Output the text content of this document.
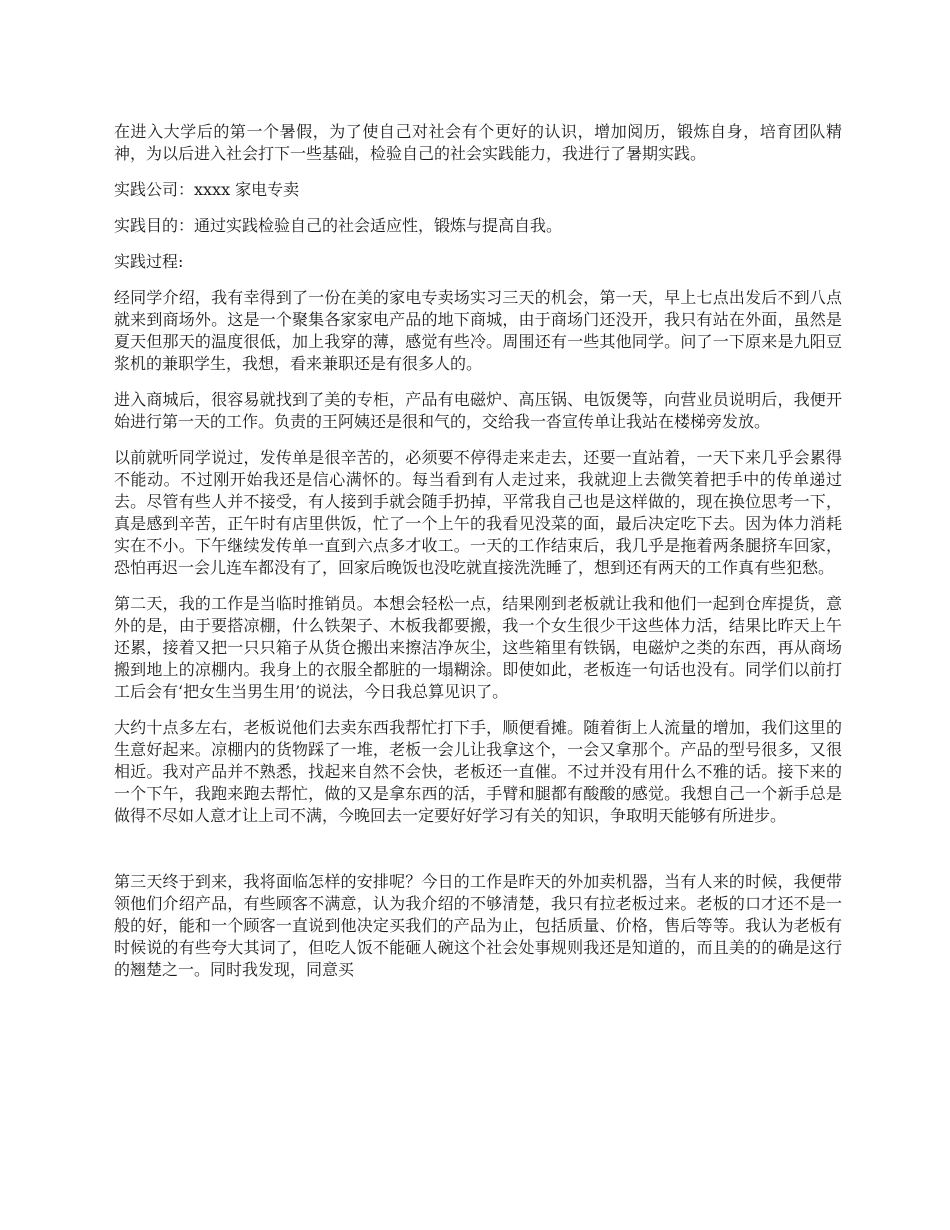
在进入大学后的第一个暑假，为了使自己对社会有个更好的认识，增加阅历，锻炼自身，培育团队精神，为以后进入社会打下一些基础，检验自己的社会实践能力，我进行了暑期实践。

实践公司：xxxx 家电专卖

实践目的：通过实践检验自己的社会适应性，锻炼与提高自我。

实践过程:

经同学介绍，我有幸得到了一份在美的家电专卖场实习三天的机会，第一天，早上七点出发后不到八点就来到商场外。这是一个聚集各家家电产品的地下商城，由于商场门还没开，我只有站在外面，虽然是夏天但那天的温度很低，加上我穿的薄，感觉有些冷。周围还有一些其他同学。问了一下原来是九阳豆浆机的兼职学生，我想，看来兼职还是有很多人的。

进入商城后，很容易就找到了美的专柜，产品有电磁炉、高压锅、电饭煲等，向营业员说明后，我便开始进行第一天的工作。负责的王阿姨还是很和气的，交给我一沓宣传单让我站在楼梯旁发放。

以前就听同学说过，发传单是很辛苦的，必须要不停得走来走去，还要一直站着，一天下来几乎会累得不能动。不过刚开始我还是信心满怀的。每当看到有人走过来，我就迎上去微笑着把手中的传单递过去。尽管有些人并不接受，有人接到手就会随手扔掉，平常我自己也是这样做的，现在换位思考一下，真是感到辛苦，正午时有店里供饭，忙了一个上午的我看见没菜的面，最后决定吃下去。因为体力消耗实在不小。下午继续发传单一直到六点多才收工。一天的工作结束后，我几乎是拖着两条腿挤车回家，恐怕再迟一会儿连车都没有了，回家后晚饭也没吃就直接洗洗睡了，想到还有两天的工作真有些犯愁。

第二天，我的工作是当临时推销员。本想会轻松一点，结果刚到老板就让我和他们一起到仓库提货，意外的是，由于要搭凉棚，什么铁架子、木板我都要搬，我一个女生很少干这些体力活，结果比昨天上午还累，接着又把一只只箱子从货仓搬出来擦洁净灰尘，这些箱里有铁锅，电磁炉之类的东西，再从商场搬到地上的凉棚内。我身上的衣服全都脏的一塌糊涂。即使如此，老板连一句话也没有。同学们以前打工后会有‘把女生当男生用’的说法，今日我总算见识了。

大约十点多左右，老板说他们去卖东西我帮忙打下手，顺便看摊。随着街上人流量的增加，我们这里的生意好起来。凉棚内的货物踩了一堆，老板一会儿让我拿这个，一会又拿那个。产品的型号很多，又很相近。我对产品并不熟悉，找起来自然不会快，老板还一直催。不过并没有用什么不雅的话。接下来的一个下午，我跑来跑去帮忙，做的又是拿东西的活，手臂和腿都有酸酸的感觉。我想自己一个新手总是做得不尽如人意才让上司不满，今晚回去一定要好好学习有关的知识，争取明天能够有所进步。

第三天终于到来，我将面临怎样的安排呢？今日的工作是昨天的外加卖机器，当有人来的时候，我便带领他们介绍产品，有些顾客不满意，认为我介绍的不够清楚，我只有拉老板过来。老板的口才还不是一般的好，能和一个顾客一直说到他决定买我们的产品为止，包括质量、价格，售后等等。我认为老板有时候说的有些夸大其词了，但吃人饭不能砸人碗这个社会处事规则我还是知道的，而且美的的确是这行的翘楚之一。同时我发现，同意买
